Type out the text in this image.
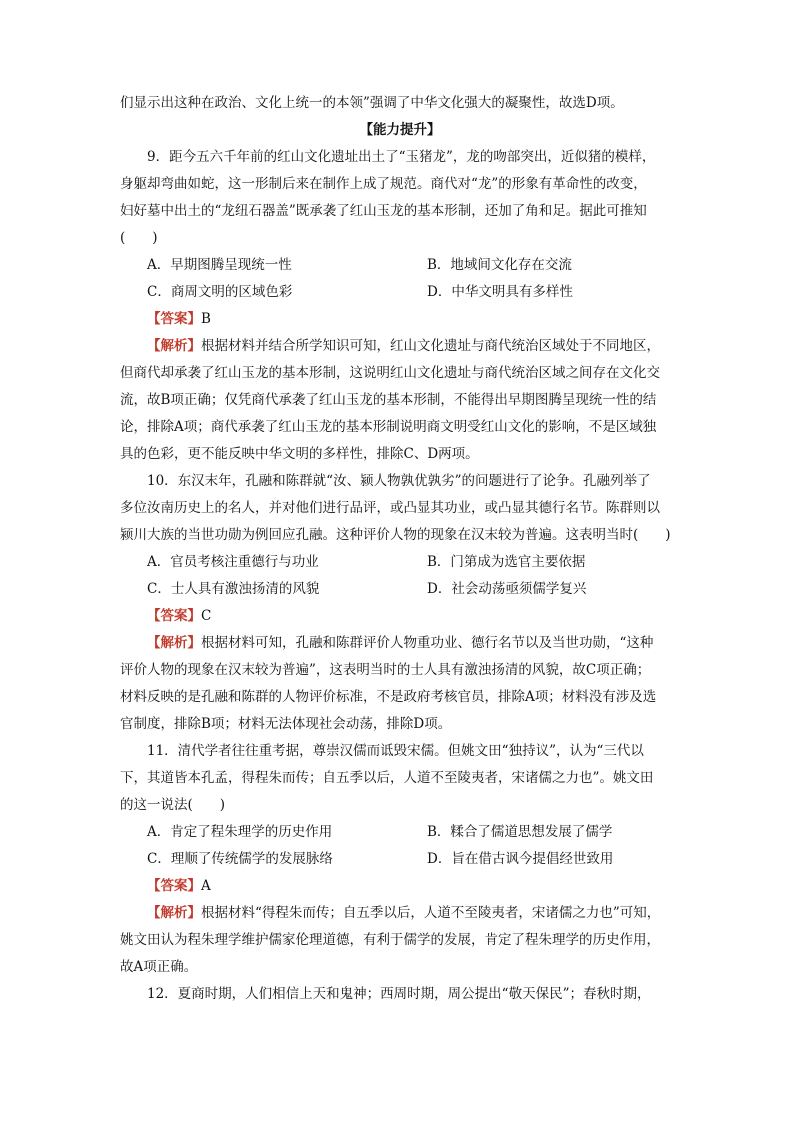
们显示出这种在政治、文化上统一的本领”强调了中华文化强大的凝聚性，故选D项。
【能力提升】
9．距今五六千年前的红山文化遗址出土了“玉猪龙”，龙的吻部突出，近似猪的模样，
身躯却弯曲如蛇，这一形制后来在制作上成了规范。商代对“龙”的形象有革命性的改变，
妇好墓中出土的“龙纽石器盖”既承袭了红山玉龙的基本形制，还加了角和足。据此可推知
(　　)
A．早期图腾呈现统一性	B．地域间文化存在交流
C．商周文明的区域色彩	D．中华文明具有多样性
【答案】B
【解析】根据材料并结合所学知识可知，红山文化遗址与商代统治区域处于不同地区，
但商代却承袭了红山玉龙的基本形制，这说明红山文化遗址与商代统治区域之间存在文化交
流，故B项正确；仅凭商代承袭了红山玉龙的基本形制，不能得出早期图腾呈现统一性的结
论，排除A项；商代承袭了红山玉龙的基本形制说明商文明受红山文化的影响，不是区域独
具的色彩，更不能反映中华文明的多样性，排除C、D两项。
10．东汉末年，孔融和陈群就“汝、颍人物孰优孰劣”的问题进行了论争。孔融列举了
多位汝南历史上的名人，并对他们进行品评，或凸显其功业，或凸显其德行名节。陈群则以
颍川大族的当世功勋为例回应孔融。这种评价人物的现象在汉末较为普遍。这表明当时(　　)
A．官员考核注重德行与功业	B．门第成为选官主要依据
C．士人具有激浊扬清的风貌	D．社会动荡亟须儒学复兴
【答案】C
【解析】根据材料可知，孔融和陈群评价人物重功业、德行名节以及当世功勋，“这种
评价人物的现象在汉末较为普遍”，这表明当时的士人具有激浊扬清的风貌，故C项正确；
材料反映的是孔融和陈群的人物评价标准，不是政府考核官员，排除A项；材料没有涉及选
官制度，排除B项；材料无法体现社会动荡，排除D项。
11．清代学者往往重考据，尊崇汉儒而诋毁宋儒。但姚文田“独持议”，认为“三代以
下，其道皆本孔孟，得程朱而传；自五季以后，人道不至陵夷者，宋诸儒之力也”。姚文田
的这一说法(　　)
A．肯定了程朱理学的历史作用	B．糅合了儒道思想发展了儒学
C．理顺了传统儒学的发展脉络	D．旨在借古讽今提倡经世致用
【答案】A
【解析】根据材料“得程朱而传；自五季以后，人道不至陵夷者，宋诸儒之力也”可知，
姚文田认为程朱理学维护儒家伦理道德，有利于儒学的发展，肯定了程朱理学的历史作用，
故A项正确。
12．夏商时期，人们相信上天和鬼神；西周时期，周公提出“敬天保民”；春秋时期，
